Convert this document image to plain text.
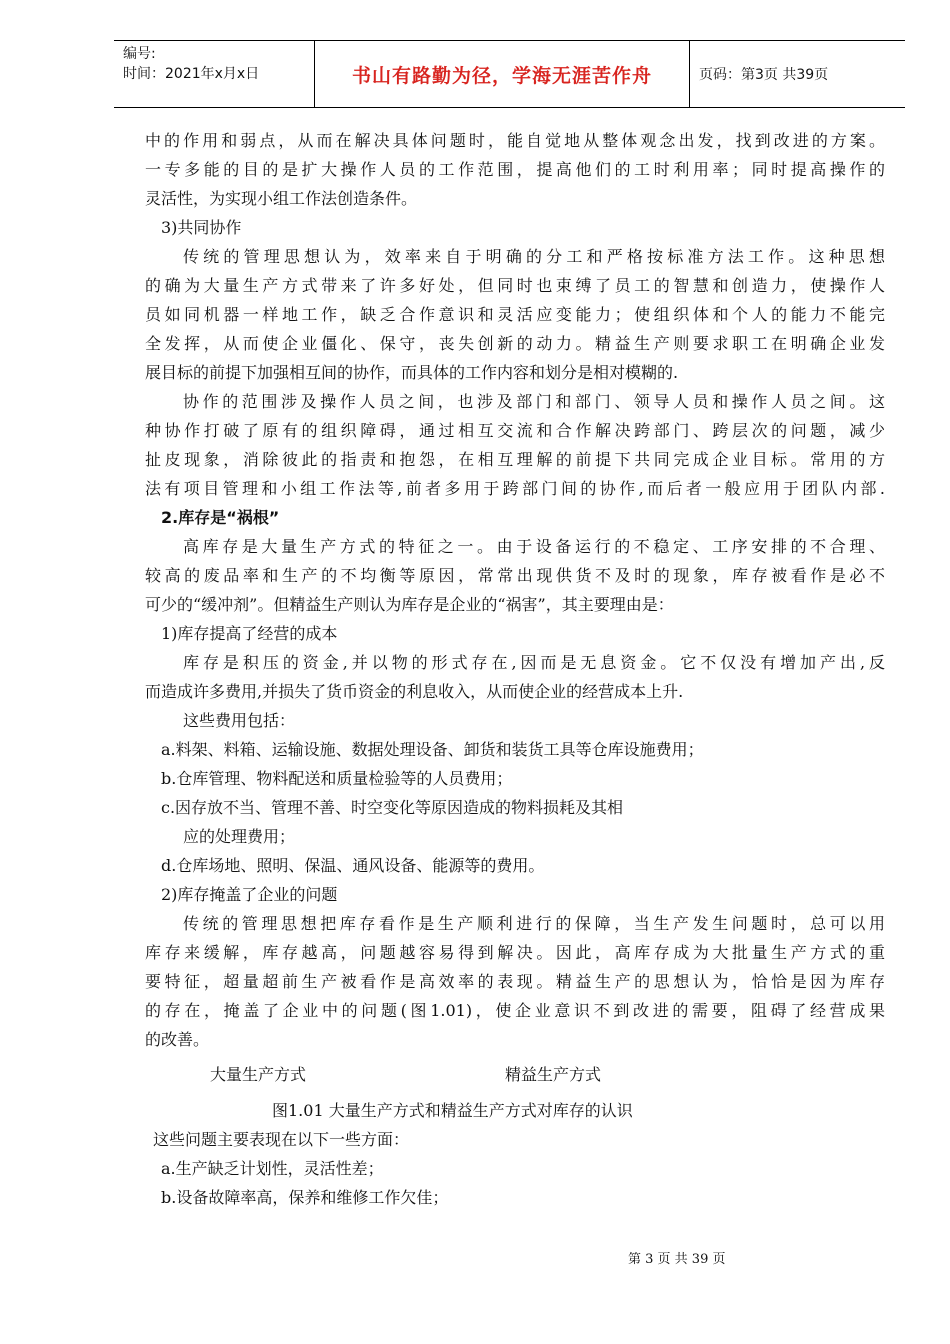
编号:
时间：2021年x月x日	书山有路勤为径，学海无涯苦作舟	页码：第3页 共39页
中的作用和弱点，从而在解决具体问题时，能自觉地从整体观念出发，找到改进的方案。
一专多能的目的是扩大操作人员的工作范围，提高他们的工时利用率；同时提高操作的
灵活性，为实现小组工作法创造条件。
3)共同协作
传统的管理思想认为，效率来自于明确的分工和严格按标准方法工作。这种思想
的确为大量生产方式带来了许多好处，但同时也束缚了员工的智慧和创造力，使操作人
员如同机器一样地工作，缺乏合作意识和灵活应变能力；使组织体和个人的能力不能完
全发挥，从而使企业僵化、保守，丧失创新的动力。精益生产则要求职工在明确企业发
展目标的前提下加强相互间的协作，而具体的工作内容和划分是相对模糊的.
协作的范围涉及操作人员之间，也涉及部门和部门、领导人员和操作人员之间。这
种协作打破了原有的组织障碍，通过相互交流和合作解决跨部门、跨层次的问题，减少
扯皮现象，消除彼此的指责和抱怨，在相互理解的前提下共同完成企业目标。常用的方
法有项目管理和小组工作法等,前者多用于跨部门间的协作,而后者一般应用于团队内部.
2.库存是“祸根”
高库存是大量生产方式的特征之一。由于设备运行的不稳定、工序安排的不合理、
较高的废品率和生产的不均衡等原因，常常出现供货不及时的现象，库存被看作是必不
可少的“缓冲剂”。但精益生产则认为库存是企业的“祸害”，其主要理由是：
1)库存提高了经营的成本
库存是积压的资金,并以物的形式存在,因而是无息资金。它不仅没有增加产出,反
而造成许多费用,并损失了货币资金的利息收入，从而使企业的经营成本上升.
这些费用包括：
a.料架、料箱、运输设施、数据处理设备、卸货和装货工具等仓库设施费用；
b.仓库管理、物料配送和质量检验等的人员费用；
c.因存放不当、管理不善、时空变化等原因造成的物料损耗及其相
应的处理费用；
d.仓库场地、照明、保温、通风设备、能源等的费用。
2)库存掩盖了企业的问题
传统的管理思想把库存看作是生产顺利进行的保障，当生产发生问题时，总可以用
库存来缓解，库存越高，问题越容易得到解决。因此，高库存成为大批量生产方式的重
要特征，超量超前生产被看作是高效率的表现。精益生产的思想认为，恰恰是因为库存
的存在，掩盖了企业中的问题(图1.01)，使企业意识不到改进的需要，阻碍了经营成果
的改善。
大量生产方式	精益生产方式
图1.01 大量生产方式和精益生产方式对库存的认识
这些问题主要表现在以下一些方面：
a.生产缺乏计划性，灵活性差；
b.设备故障率高，保养和维修工作欠佳；
第 3 页 共 39 页
